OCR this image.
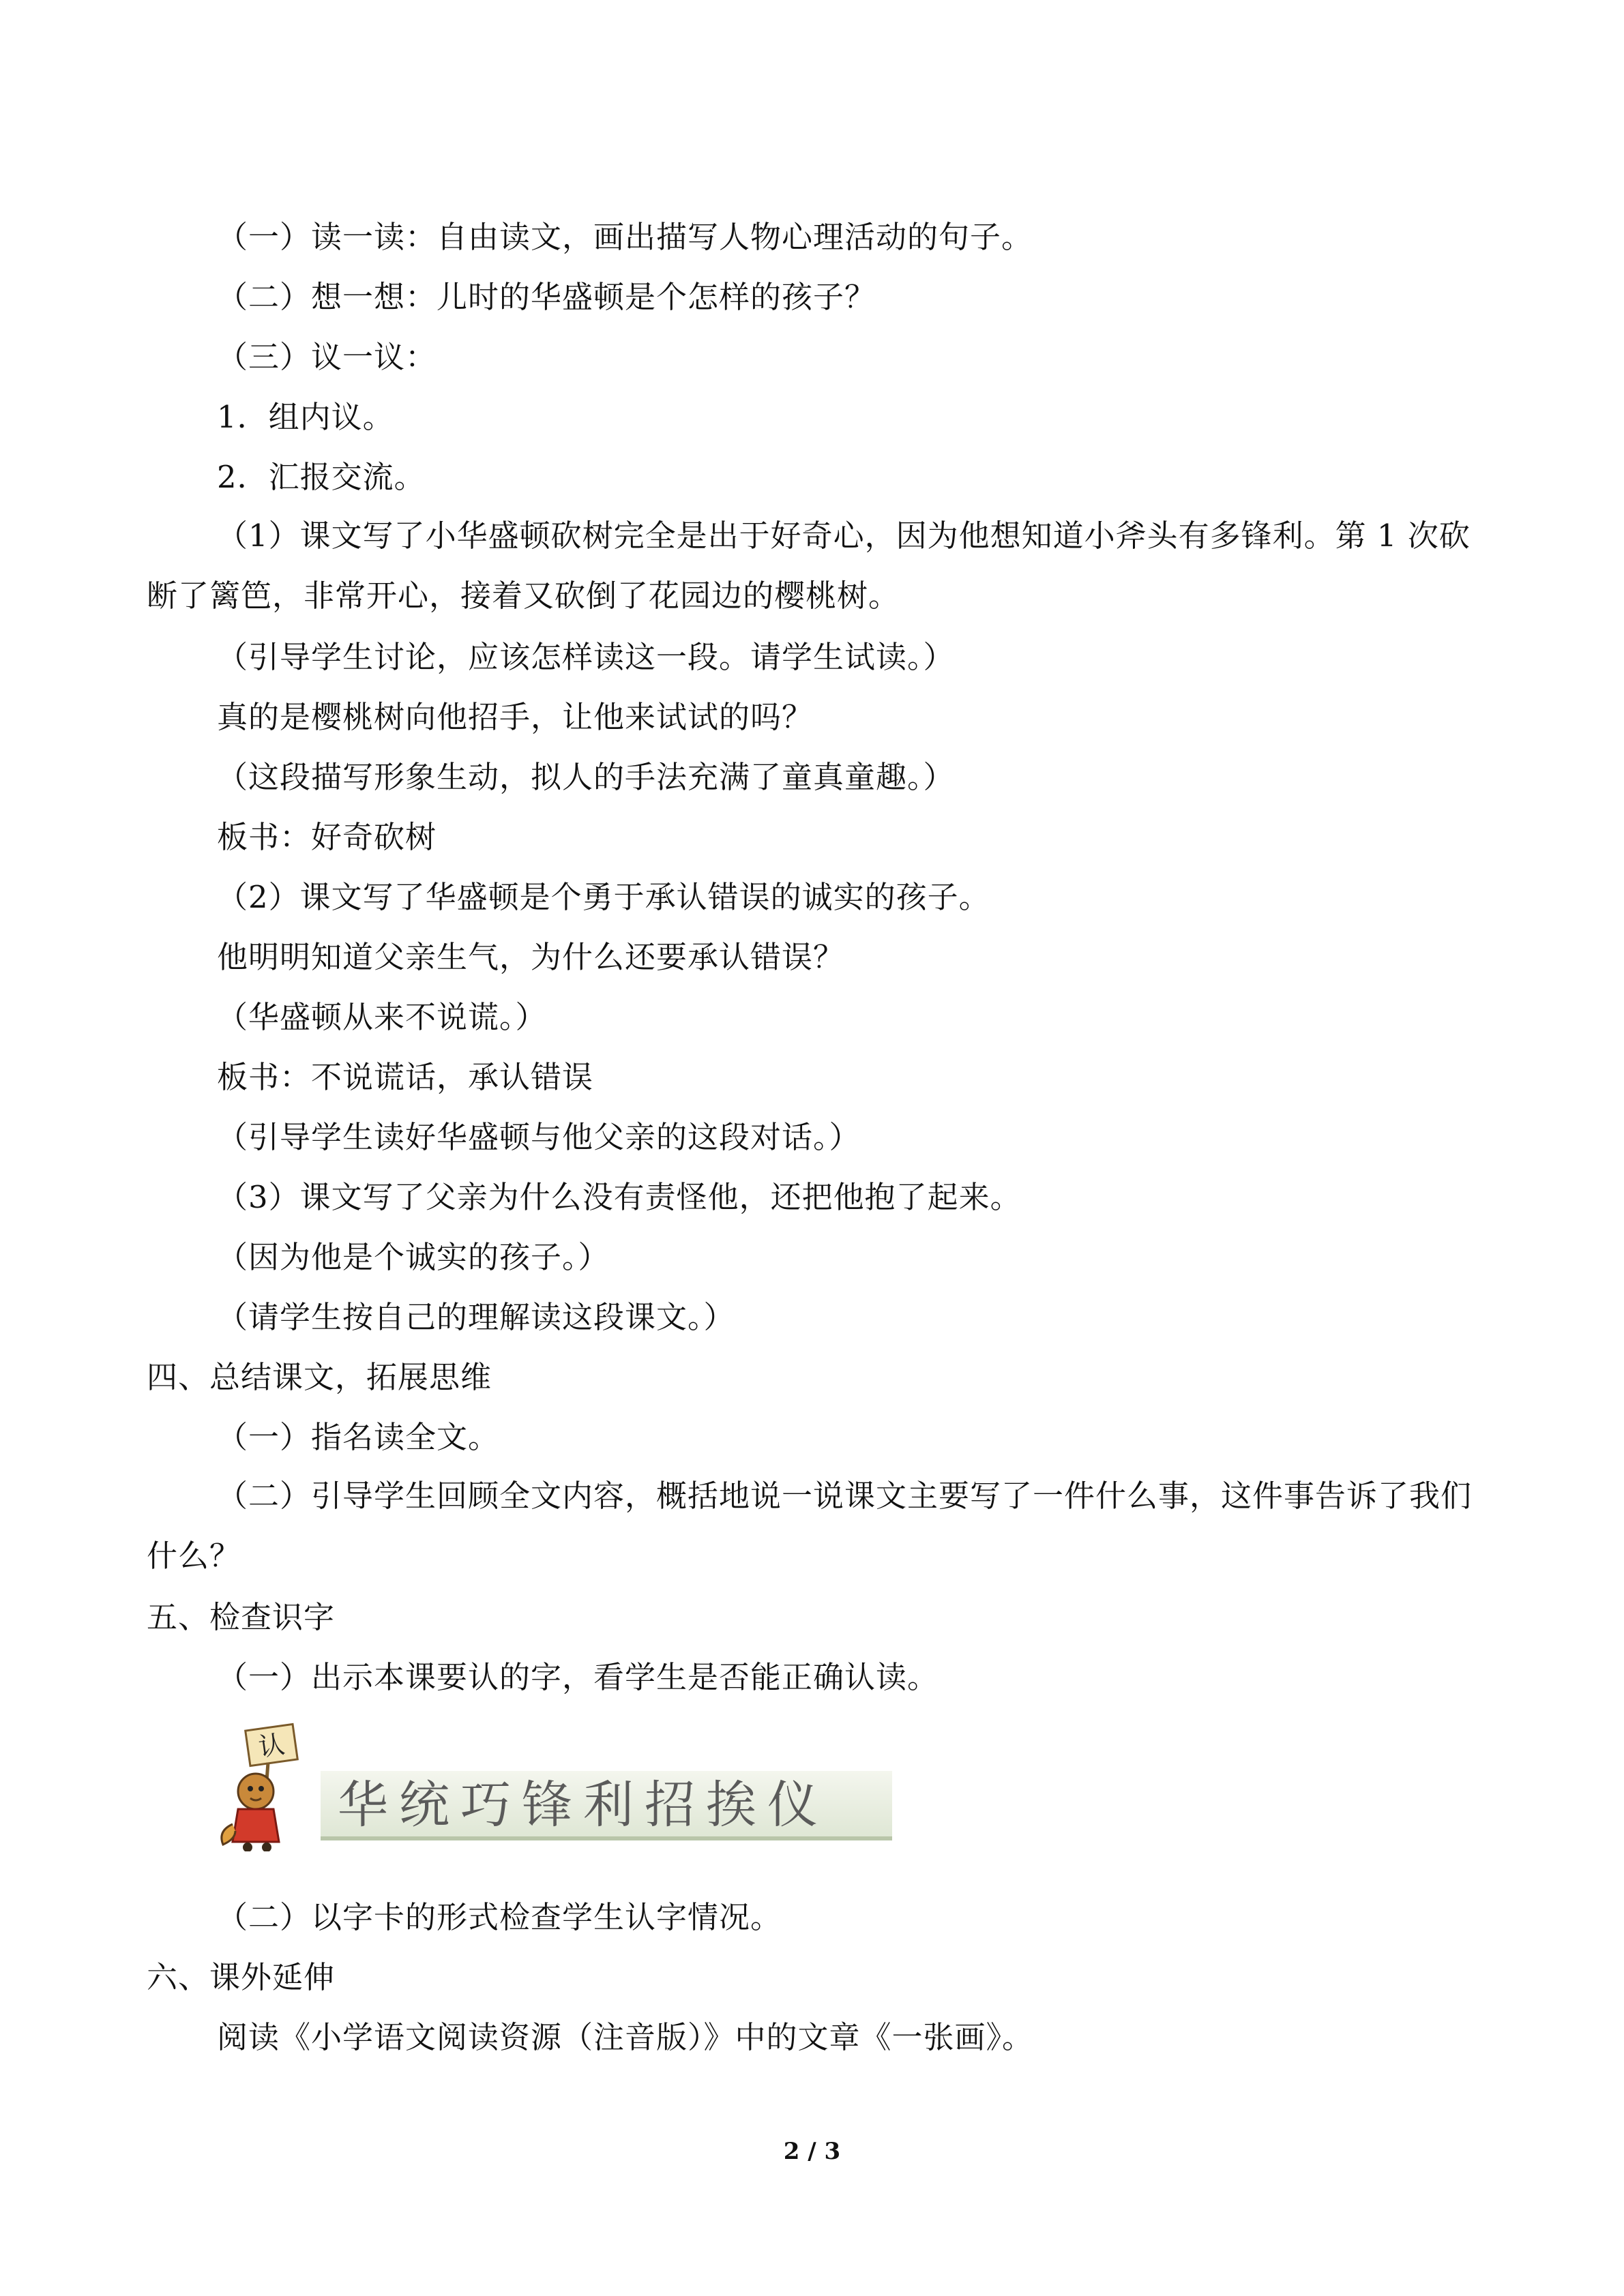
（一）读一读：自由读文，画出描写人物心理活动的句子。
（二）想一想：儿时的华盛顿是个怎样的孩子？
（三）议一议：
1．组内议。
2．汇报交流。
（1）课文写了小华盛顿砍树完全是出于好奇心，因为他想知道小斧头有多锋利。第 1 次砍断了篱笆，非常开心，接着又砍倒了花园边的樱桃树。
（引导学生讨论，应该怎样读这一段。请学生试读。）
真的是樱桃树向他招手，让他来试试的吗？
（这段描写形象生动，拟人的手法充满了童真童趣。）
板书：好奇砍树
（2）课文写了华盛顿是个勇于承认错误的诚实的孩子。
他明明知道父亲生气，为什么还要承认错误？
（华盛顿从来不说谎。）
板书：不说谎话，承认错误
（引导学生读好华盛顿与他父亲的这段对话。）
（3）课文写了父亲为什么没有责怪他，还把他抱了起来。
（因为他是个诚实的孩子。）
（请学生按自己的理解读这段课文。）
四、总结课文，拓展思维
（一）指名读全文。
（二）引导学生回顾全文内容，概括地说一说课文主要写了一件什么事，这件事告诉了我们什么？
五、检查识字
（一）出示本课要认的字，看学生是否能正确认读。
认
华统巧锋利招挨仪
（二）以字卡的形式检查学生认字情况。
六、课外延伸
阅读《小学语文阅读资源（注音版）》中的文章《一张画》。
2 / 3
